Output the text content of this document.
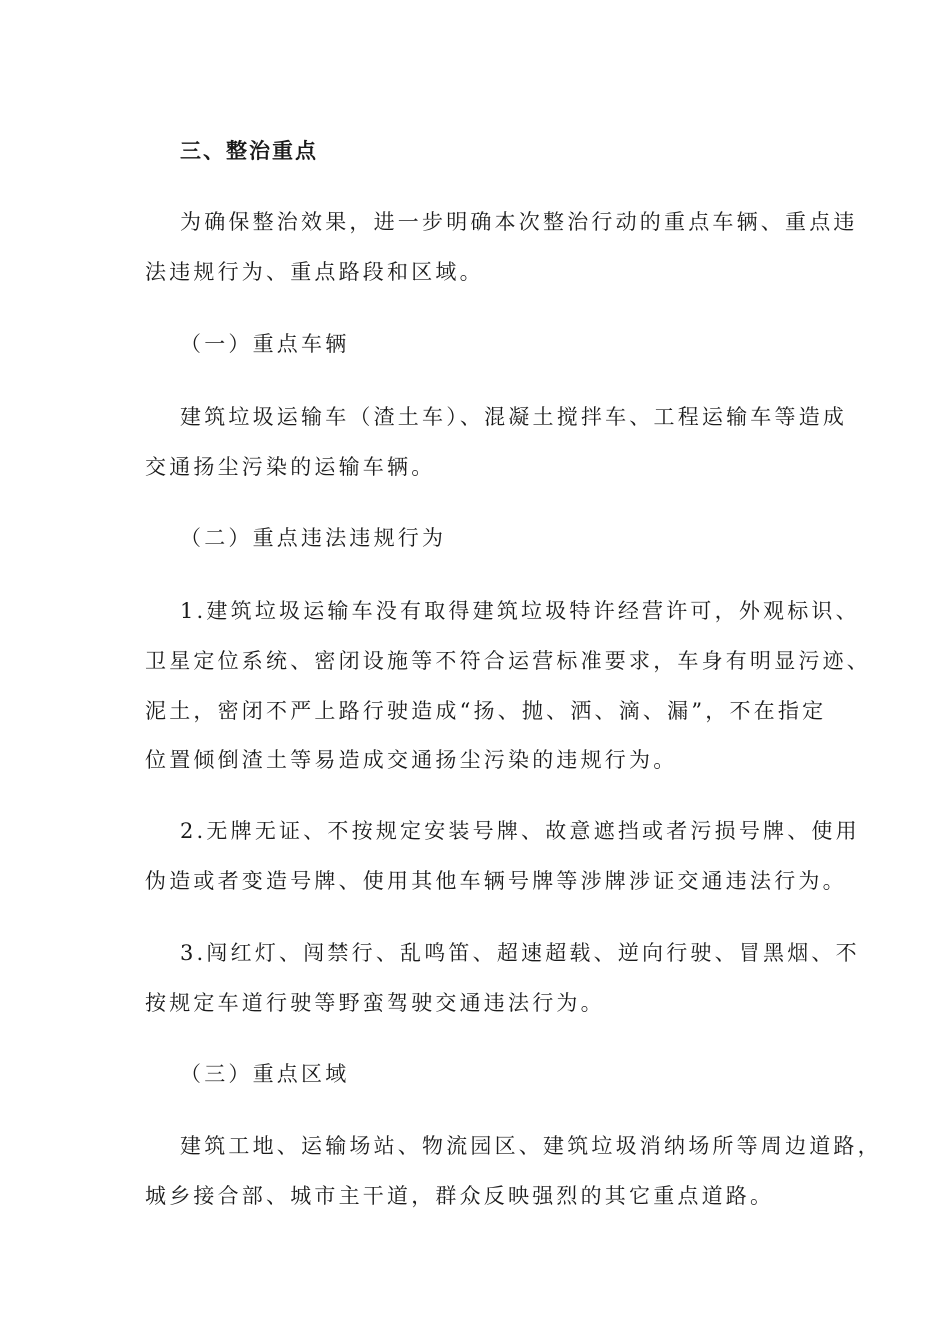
三、整治重点
为确保整治效果，进一步明确本次整治行动的重点车辆、重点违
法违规行为、重点路段和区域。
（一）重点车辆
建筑垃圾运输车（渣土车）、混凝土搅拌车、工程运输车等造成
交通扬尘污染的运输车辆。
（二）重点违法违规行为
1.建筑垃圾运输车没有取得建筑垃圾特许经营许可，外观标识、
卫星定位系统、密闭设施等不符合运营标准要求，车身有明显污迹、
泥土，密闭不严上路行驶造成“扬、抛、洒、滴、漏”，不在指定
位置倾倒渣土等易造成交通扬尘污染的违规行为。
2.无牌无证、不按规定安装号牌、故意遮挡或者污损号牌、使用
伪造或者变造号牌、使用其他车辆号牌等涉牌涉证交通违法行为。
3.闯红灯、闯禁行、乱鸣笛、超速超载、逆向行驶、冒黑烟、不
按规定车道行驶等野蛮驾驶交通违法行为。
（三）重点区域
建筑工地、运输场站、物流园区、建筑垃圾消纳场所等周边道路，
城乡接合部、城市主干道，群众反映强烈的其它重点道路。
